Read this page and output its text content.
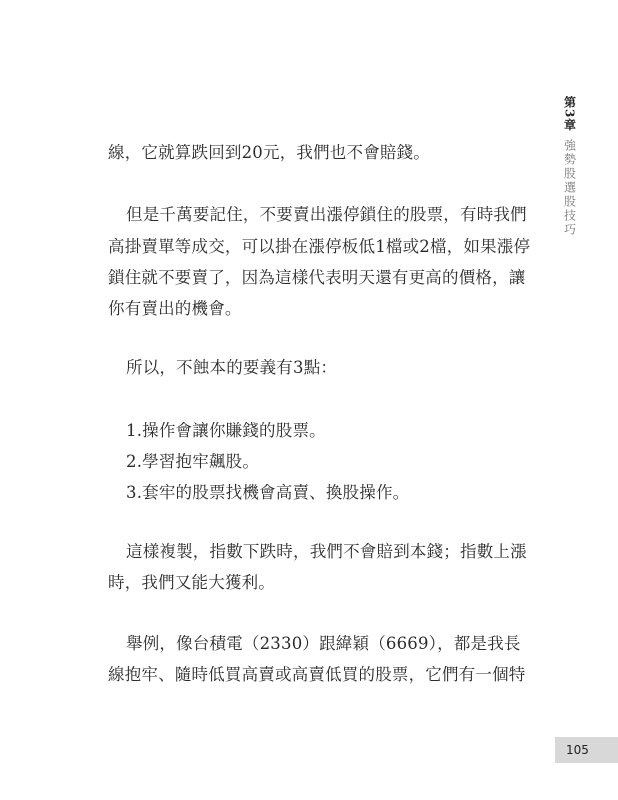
線，它就算跌回到20元，我們也不會賠錢。
但是千萬要記住，不要賣出漲停鎖住的股票，有時我們
高掛賣單等成交，可以掛在漲停板低1檔或2檔，如果漲停
鎖住就不要賣了，因為這樣代表明天還有更高的價格，讓
你有賣出的機會。
所以，不蝕本的要義有3點：
1.操作會讓你賺錢的股票。
2.學習抱牢飆股。
3.套牢的股票找機會高賣、換股操作。
這樣複製，指數下跌時，我們不會賠到本錢；指數上漲
時，我們又能大獲利。
舉例，像台積電（2330）跟緯穎（6669），都是我長
線抱牢、隨時低買高賣或高賣低買的股票，它們有一個特
第3章
強勢股選股技巧
105
